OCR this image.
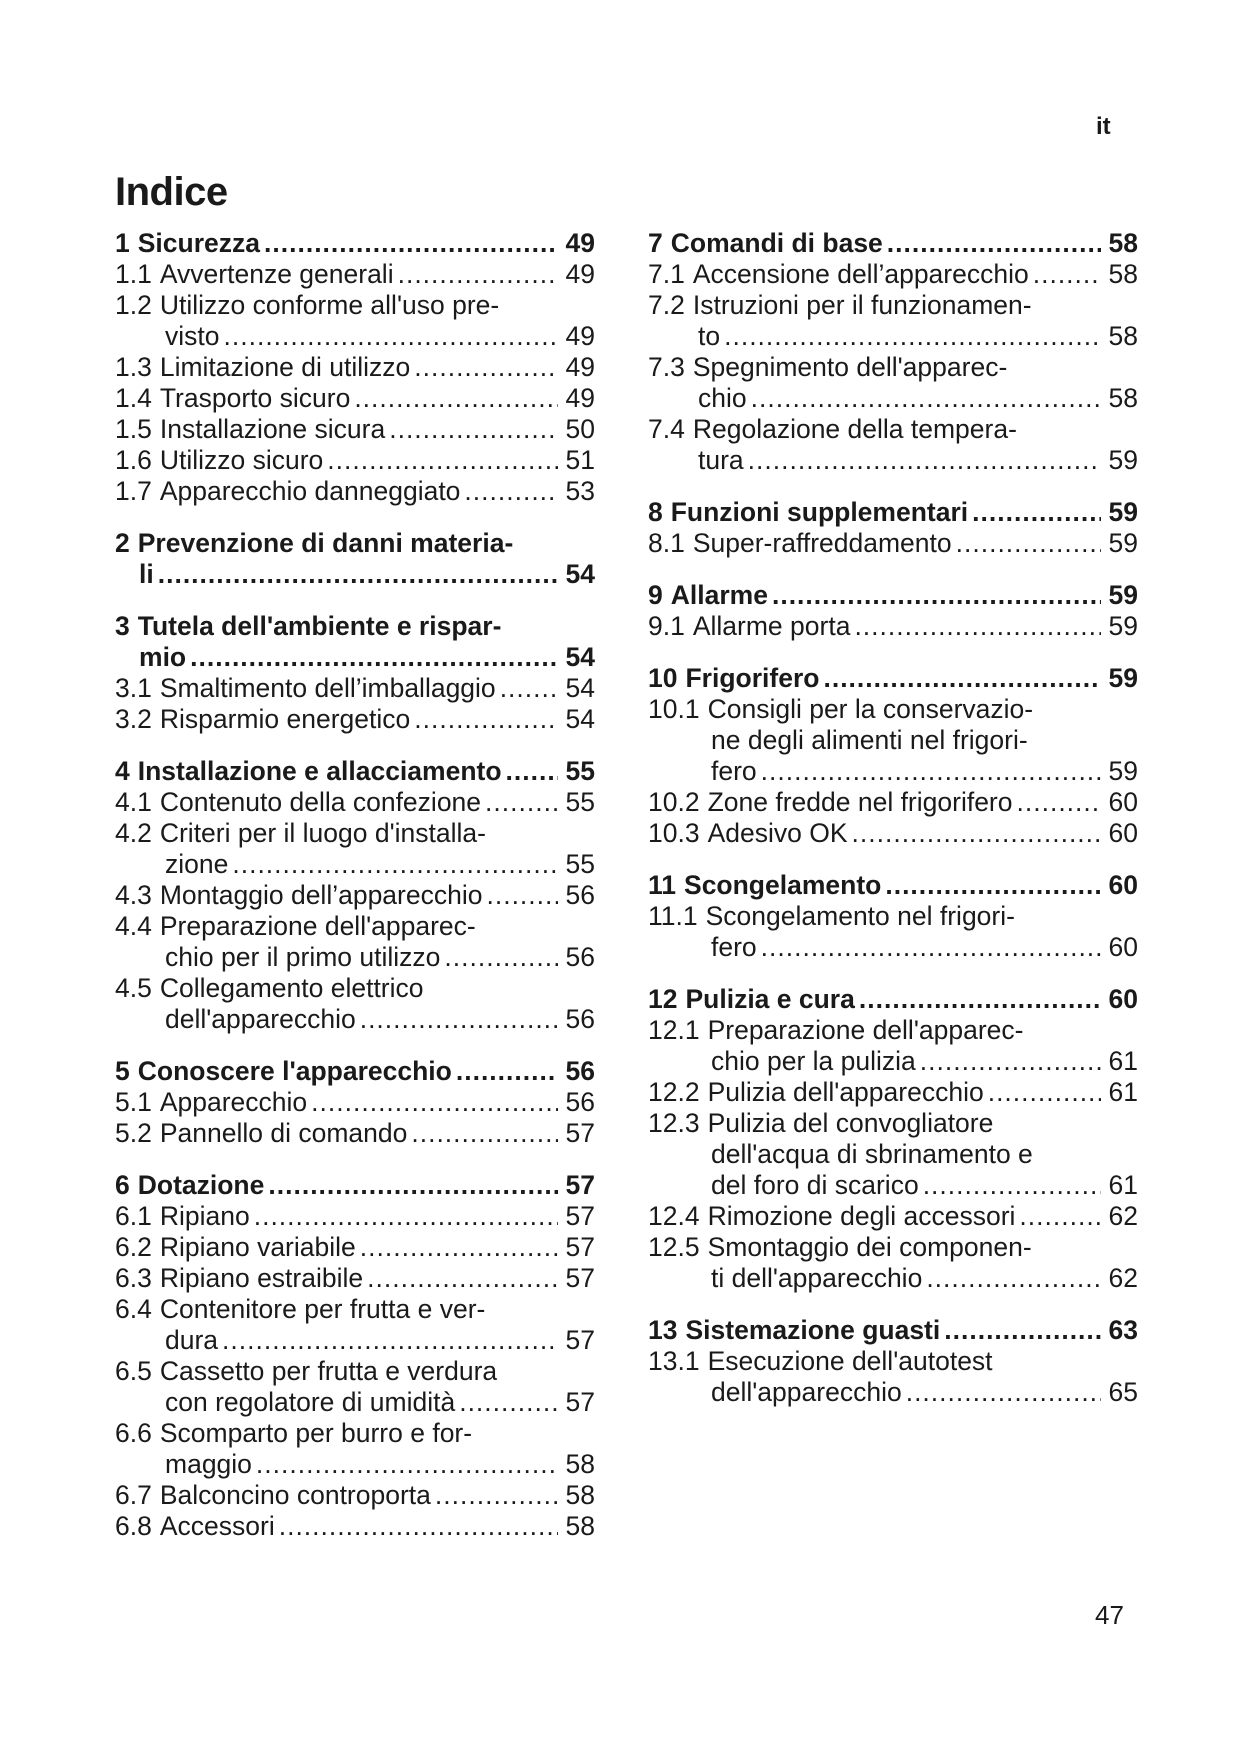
it
Indice
1 Sicurezza .....	49
1.1 Avvertenze generali .....	49
1.2 Utilizzo conforme all'uso pre-
visto .....	49
1.3 Limitazione di utilizzo .....	49
1.4 Trasporto sicuro .....	49
1.5 Installazione sicura .....	50
1.6 Utilizzo sicuro .....	51
1.7 Apparecchio danneggiato .....	53
2 Prevenzione di danni materia-
li .....	54
3 Tutela dell'ambiente e rispar-
mio .....	54
3.1 Smaltimento dell’imballaggio .....	54
3.2 Risparmio energetico .....	54
4 Installazione e allacciamento ..... 55
4.1 Contenuto della confezione .....	55
4.2 Criteri per il luogo d'installa-
zione .....	55
4.3 Montaggio dell’apparecchio .....	56
4.4 Preparazione dell'apparec-
chio per il primo utilizzo .....	56
4.5 Collegamento elettrico
dell'apparecchio .....	56
5 Conoscere l'apparecchio .....	56
5.1 Apparecchio .....	56
5.2 Pannello di comando .....	57
6 Dotazione .....	57
6.1 Ripiano .....	57
6.2 Ripiano variabile .....	57
6.3 Ripiano estraibile .....	57
6.4 Contenitore per frutta e ver-
dura .....	57
6.5 Cassetto per frutta e verdura
con regolatore di umidità .....	57
6.6 Scomparto per burro e for-
maggio .....	58
6.7 Balconcino controporta .....	58
6.8 Accessori .....	58
7 Comandi di base .....	58
7.1 Accensione dell’apparecchio .....	58
7.2 Istruzioni per il funzionamen-
to .....	58
7.3 Spegnimento dell'apparec-
chio .....	58
7.4 Regolazione della tempera-
tura .....	59
8 Funzioni supplementari .....	59
8.1 Super-raffreddamento .....	59
9 Allarme .....	59
9.1 Allarme porta .....	59
10 Frigorifero .....	59
10.1 Consigli per la conservazio-
ne degli alimenti nel frigori-
fero .....	59
10.2 Zone fredde nel frigorifero .....	60
10.3 Adesivo OK .....	60
11 Scongelamento .....	60
11.1 Scongelamento nel frigori-
fero .....	60
12 Pulizia e cura .....	60
12.1 Preparazione dell'apparec-
chio per la pulizia .....	61
12.2 Pulizia dell'apparecchio .....	61
12.3 Pulizia del convogliatore
dell'acqua di sbrinamento e
del foro di scarico .....	61
12.4 Rimozione degli accessori .....	62
12.5 Smontaggio dei componen-
ti dell'apparecchio .....	62
13 Sistemazione guasti .....	63
13.1 Esecuzione dell'autotest
dell'apparecchio .....	65
47
